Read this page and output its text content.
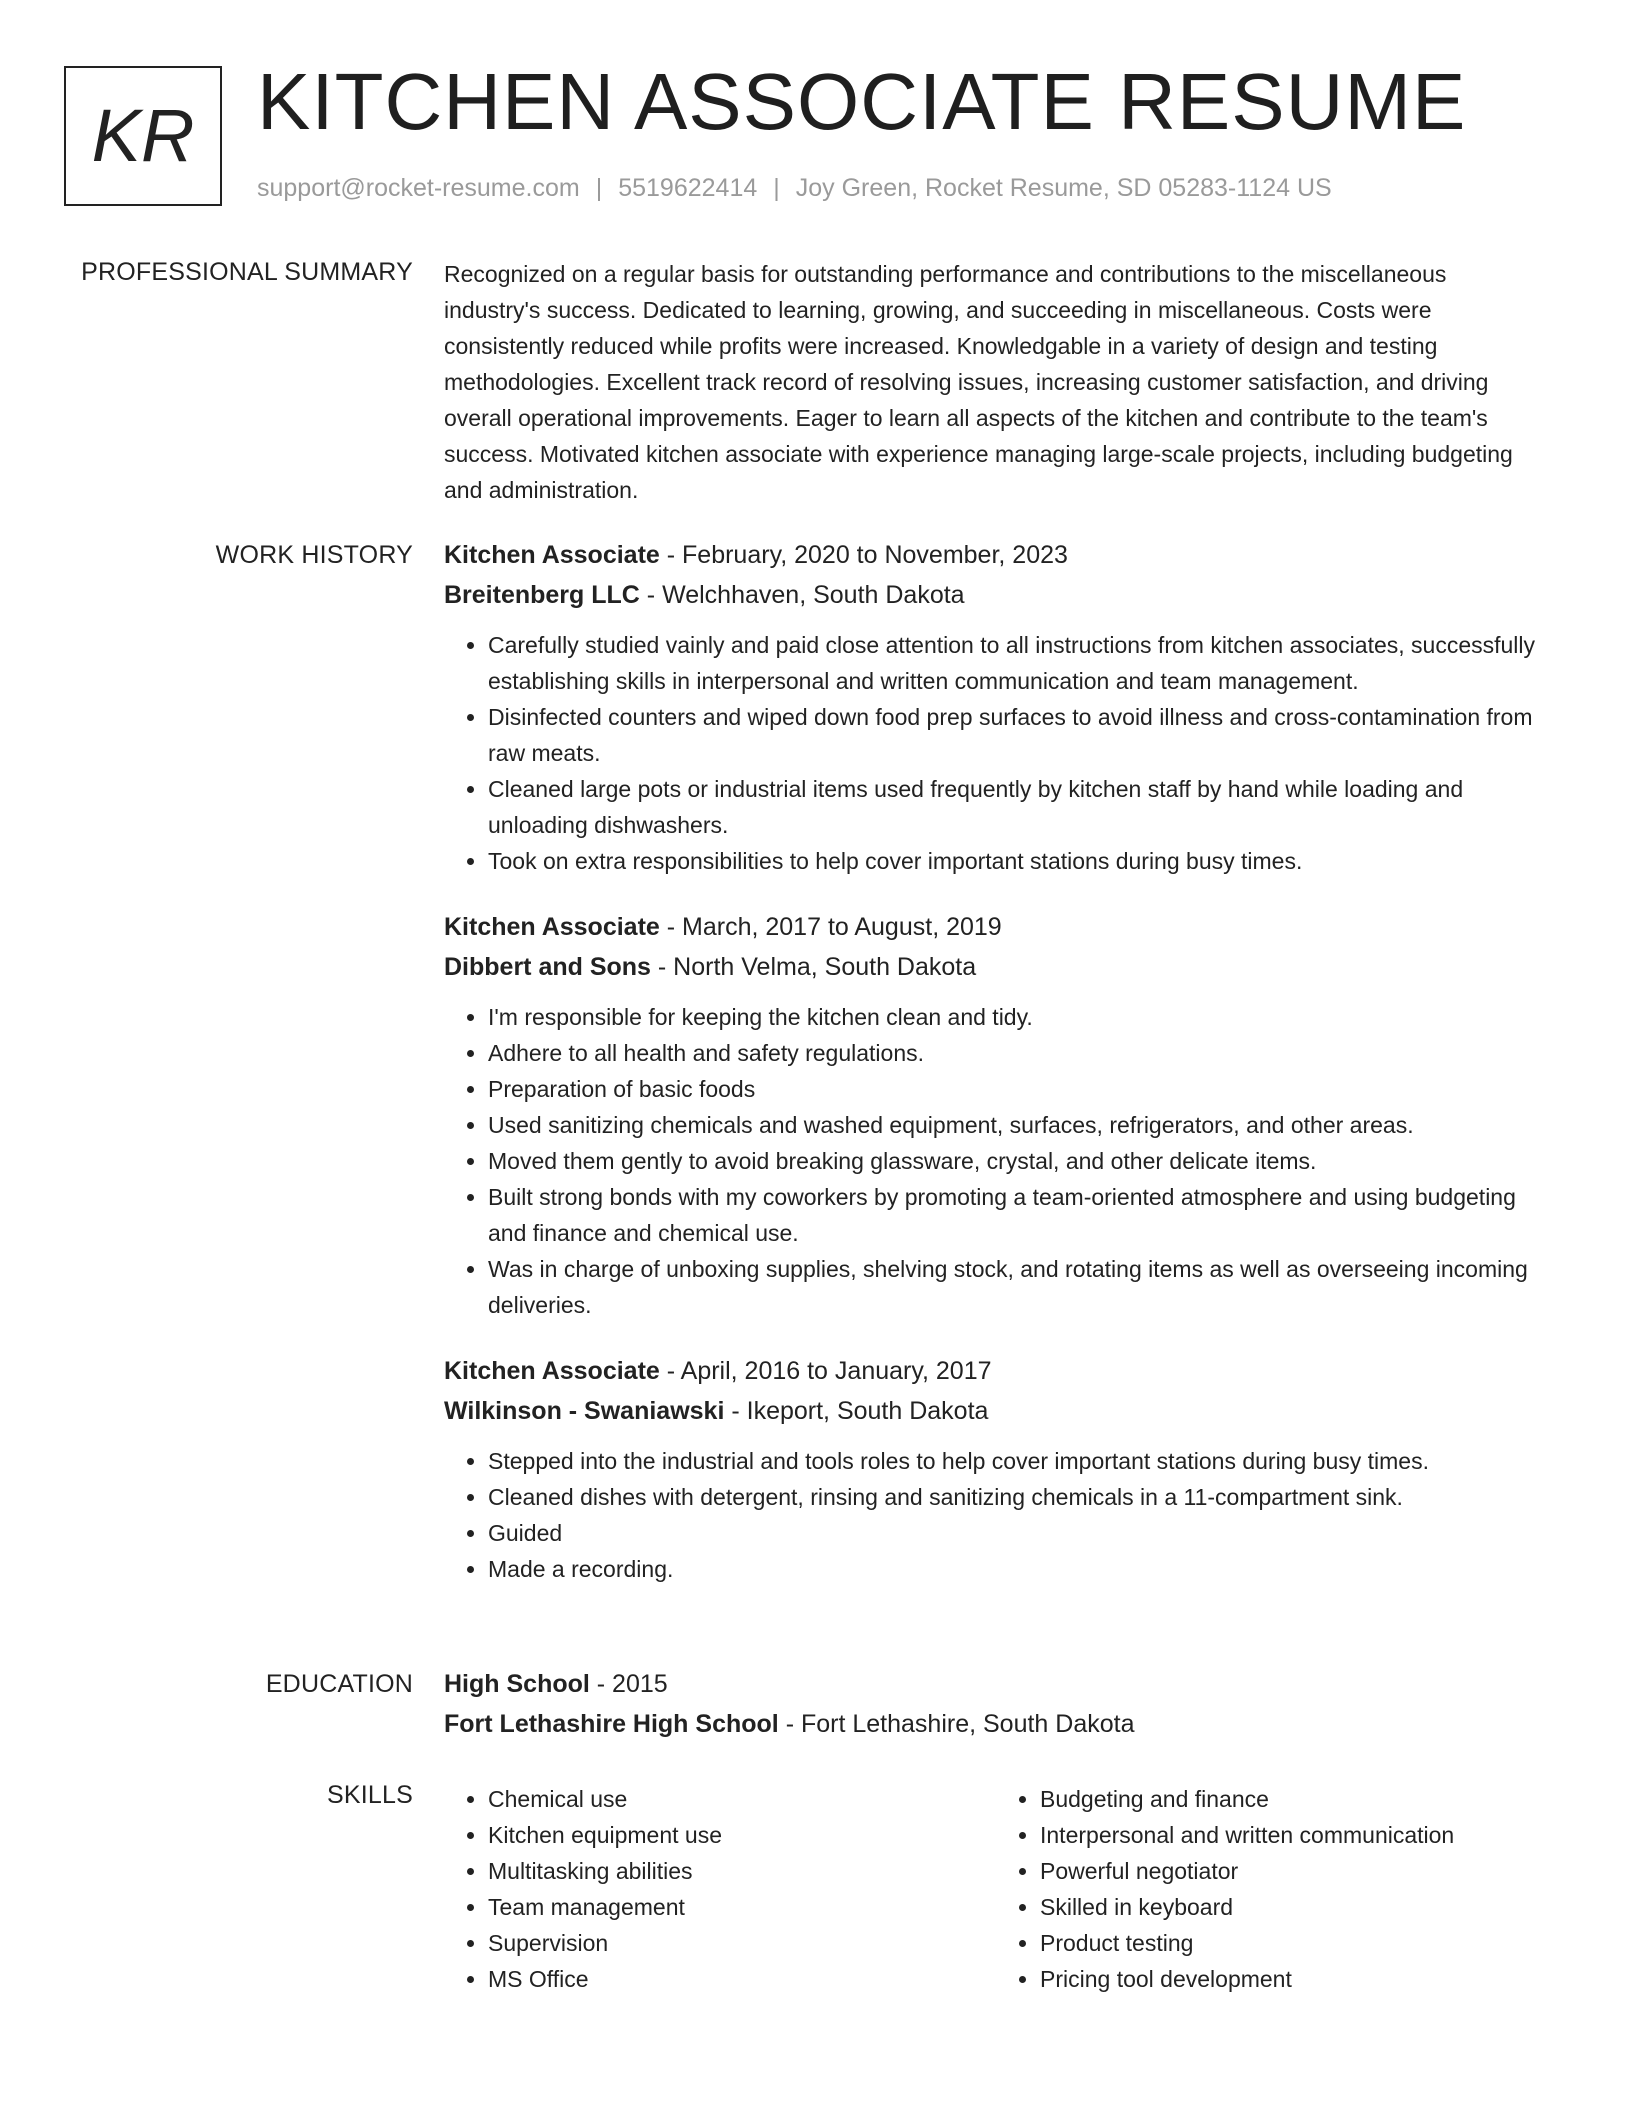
KR KITCHEN ASSOCIATE RESUME
support@rocket-resume.com | 5519622414 | Joy Green, Rocket Resume, SD 05283-1124 US
PROFESSIONAL SUMMARY Recognized on a regular basis for outstanding performance and contributions to the miscellaneous industry's success. Dedicated to learning, growing, and succeeding in miscellaneous. Costs were consistently reduced while profits were increased. Knowledgable in a variety of design and testing methodologies. Excellent track record of resolving issues, increasing customer satisfaction, and driving overall operational improvements. Eager to learn all aspects of the kitchen and contribute to the team's success. Motivated kitchen associate with experience managing large-scale projects, including budgeting and administration.

WORK HISTORY Kitchen Associate - February, 2020 to November, 2023
Breitenberg LLC - Welchhaven, South Dakota
• Carefully studied vainly and paid close attention to all instructions from kitchen associates, successfully establishing skills in interpersonal and written communication and team management.
• Disinfected counters and wiped down food prep surfaces to avoid illness and cross-contamination from raw meats.
• Cleaned large pots or industrial items used frequently by kitchen staff by hand while loading and unloading dishwashers.
• Took on extra responsibilities to help cover important stations during busy times.
Kitchen Associate - March, 2017 to August, 2019
Dibbert and Sons - North Velma, South Dakota
• I'm responsible for keeping the kitchen clean and tidy.
• Adhere to all health and safety regulations.
• Preparation of basic foods
• Used sanitizing chemicals and washed equipment, surfaces, refrigerators, and other areas.
• Moved them gently to avoid breaking glassware, crystal, and other delicate items.
• Built strong bonds with my coworkers by promoting a team-oriented atmosphere and using budgeting and finance and chemical use.
• Was in charge of unboxing supplies, shelving stock, and rotating items as well as overseeing incoming deliveries.
Kitchen Associate - April, 2016 to January, 2017
Wilkinson - Swaniawski - Ikeport, South Dakota
• Stepped into the industrial and tools roles to help cover important stations during busy times.
• Cleaned dishes with detergent, rinsing and sanitizing chemicals in a 11-compartment sink.
• Guided
• Made a recording.
EDUCATION High School - 2015
Fort Lethashire High School - Fort Lethashire, South Dakota
SKILLS
•	Chemical use
• Kitchen equipment use
• Multitasking abilities
• Team management
• Supervision
• MS Office
• Budgeting and finance
• Interpersonal and written communication
• Powerful negotiator
• Skilled in keyboard
• Product testing
• Pricing tool development
